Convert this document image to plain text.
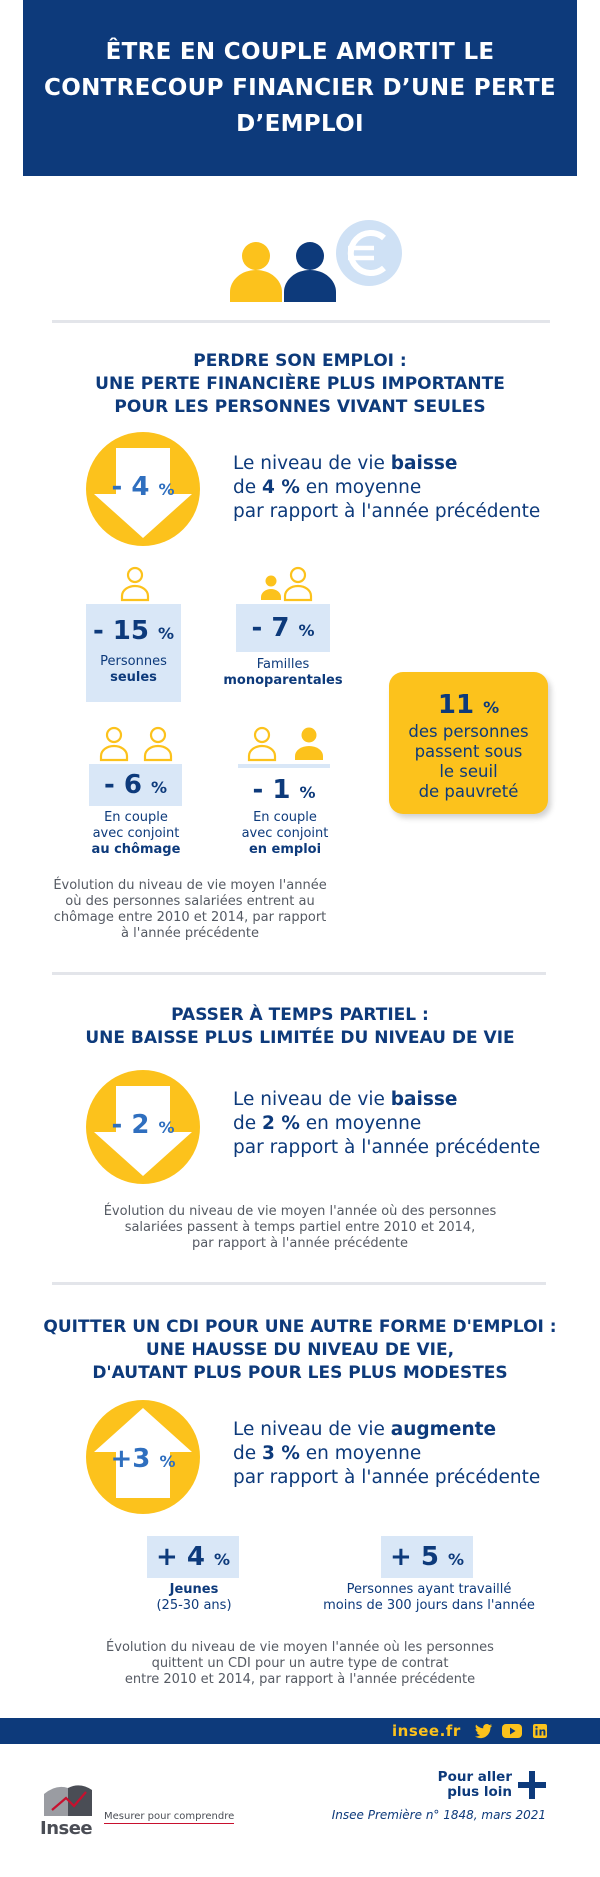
ÊTRE EN COUPLE AMORTIT LE CONTRECOUP FINANCIER D’UNE PERTE D’EMPLOI
PERDRE SON EMPLOI :
UNE PERTE FINANCIÈRE PLUS IMPORTANTE
POUR LES PERSONNES VIVANT SEULES
- 4 %
Le niveau de vie baisse
de 4 % en moyenne
par rapport à l'année précédente
- 15 %
Personnes
seules
- 7 %
Familles
monoparentales
- 6 %
En couple
avec conjoint
au chômage
- 1 %
En couple
avec conjoint
en emploi
11 %
des personnes
passent sous
le seuil
de pauvreté
Évolution du niveau de vie moyen l'année
où des personnes salariées entrent au
chômage entre 2010 et 2014, par rapport
à l'année précédente
PASSER À TEMPS PARTIEL :
UNE BAISSE PLUS LIMITÉE DU NIVEAU DE VIE
- 2 %
Le niveau de vie baisse
de 2 % en moyenne
par rapport à l'année précédente
Évolution du niveau de vie moyen l'année où des personnes
salariées passent à temps partiel entre 2010 et 2014,
par rapport à l'année précédente
QUITTER UN CDI POUR UNE AUTRE FORME D'EMPLOI :
UNE HAUSSE DU NIVEAU DE VIE,
D'AUTANT PLUS POUR LES PLUS MODESTES
+3 %
Le niveau de vie augmente
de 3 % en moyenne
par rapport à l'année précédente
+ 4 %
Jeunes
(25-30 ans)
+ 5 %
Personnes ayant travaillé
moins de 300 jours dans l'année
Évolution du niveau de vie moyen l'année où les personnes
quittent un CDI pour un autre type de contrat
entre 2010 et 2014, par rapport à l'année précédente
insee.fr
Pour aller
plus loin
Insee Première n° 1848, mars 2021
Insee
Mesurer pour comprendre
